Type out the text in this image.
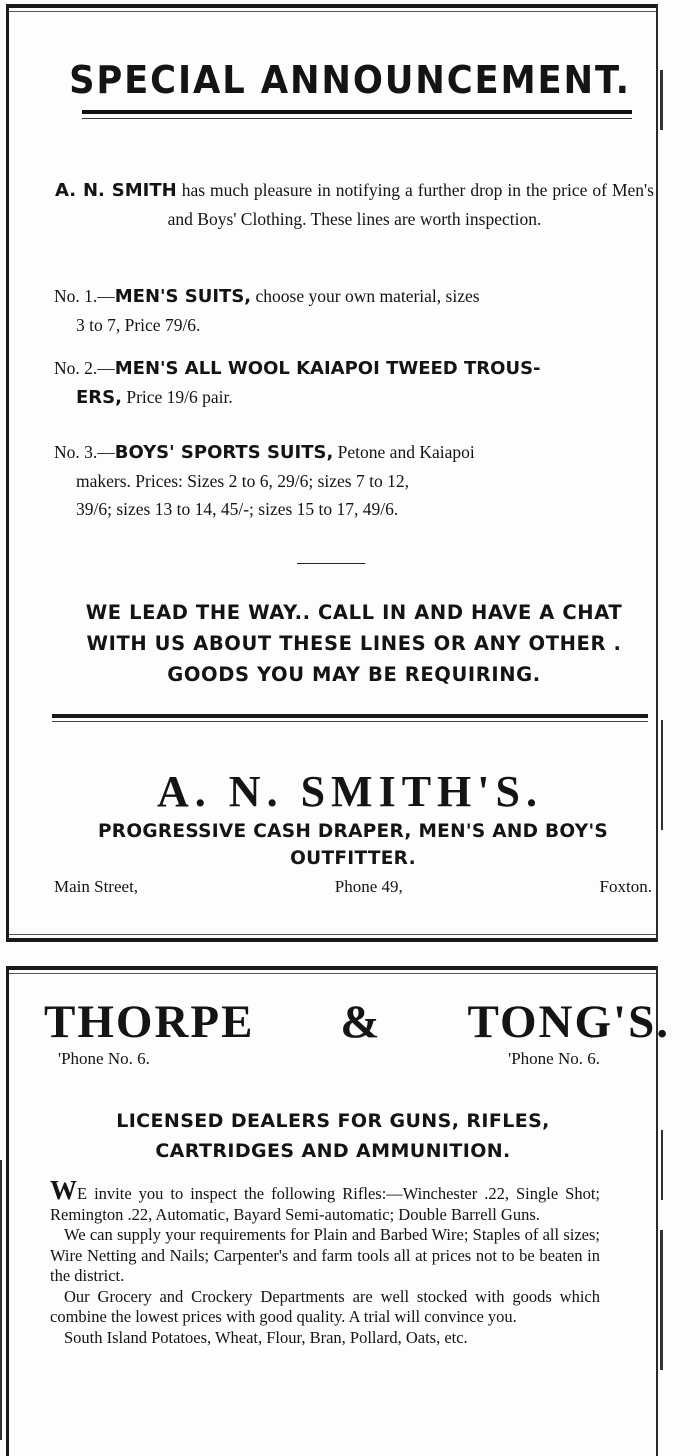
SPECIAL ANNOUNCEMENT.
A. N. SMITH has much pleasure in notifying a further drop in the price of Men's and Boys' Clothing. These lines are worth inspection.
No. 1.—MEN'S SUITS, choose your own material, sizes
3 to 7, Price 79/6.
No. 2.—MEN'S ALL WOOL KAIAPOI TWEED TROUS-
ERS, Price 19/6 pair.
No. 3.—BOYS' SPORTS SUITS, Petone and Kaiapoi
makers. Prices: Sizes 2 to 6, 29/6; sizes 7 to 12,
39/6; sizes 13 to 14, 45/-; sizes 15 to 17, 49/6.
WE LEAD THE WAY.. CALL IN AND HAVE A CHAT WITH US ABOUT THESE LINES OR ANY OTHER . GOODS YOU MAY BE REQUIRING.
A. N. SMITH'S.
PROGRESSIVE CASH DRAPER, MEN'S AND BOY'S OUTFITTER.
Main Street,	Phone 49,	Foxton.
THORPE & TONG'S.
'Phone No. 6.	'Phone No. 6.
LICENSED DEALERS FOR GUNS, RIFLES, CARTRIDGES AND AMMUNITION.

WE invite you to inspect the following Rifles:—Winchester .22, Single Shot; Remington .22, Automatic, Bayard Semi-automatic; Double Barrell Guns.

We can supply your requirements for Plain and Barbed Wire; Staples of all sizes; Wire Netting and Nails; Carpenter's and farm tools all at prices not to be beaten in the district.

Our Grocery and Crockery Departments are well stocked with goods which combine the lowest prices with good quality. A trial will convince you.

South Island Potatoes, Wheat, Flour, Bran, Pollard, Oats, etc.
